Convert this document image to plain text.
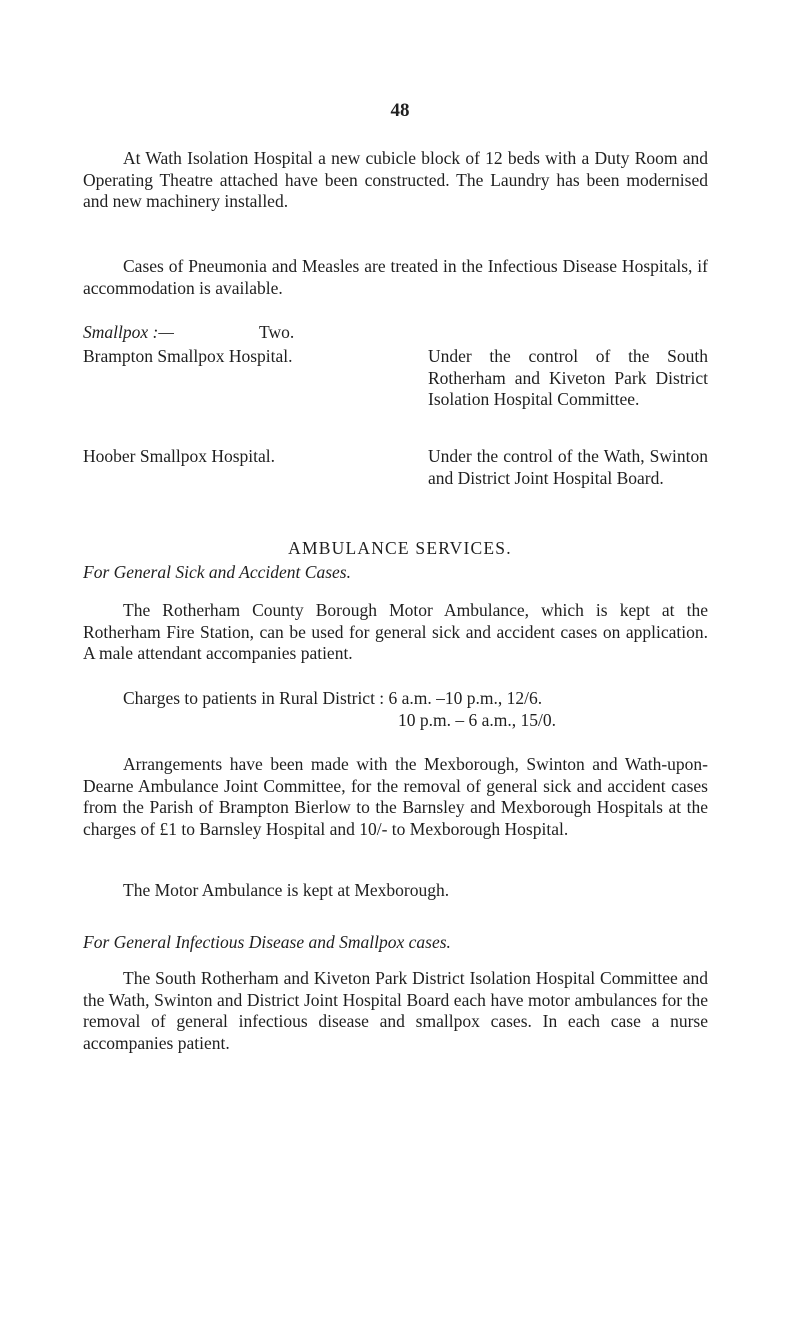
48
At Wath Isolation Hospital a new cubicle block of 12 beds with a Duty Room and Operating Theatre attached have been constructed. The Laundry has been modernised and new machinery installed.
Cases of Pneumonia and Measles are treated in the Infectious Disease Hospitals, if accommodation is available.
Smallpox :—	Two.
Brampton Smallpox Hospital.	Under the control of the South Rotherham and Kiveton Park District Isolation Hospital Committee.
Hoober Smallpox Hospital.	Under the control of the Wath, Swinton and District Joint Hospital Board.
AMBULANCE SERVICES.
For General Sick and Accident Cases.
The Rotherham County Borough Motor Ambulance, which is kept at the Rotherham Fire Station, can be used for general sick and accident cases on application. A male attendant accompanies patient.
Charges to patients in Rural District : 6 a.m. –10 p.m., 12/6.
10 p.m. – 6 a.m., 15/0.
Arrangements have been made with the Mexborough, Swinton and Wath-upon-Dearne Ambulance Joint Committee, for the removal of general sick and accident cases from the Parish of Brampton Bierlow to the Barnsley and Mexborough Hospitals at the charges of £1 to Barnsley Hospital and 10/- to Mexborough Hospital.
The Motor Ambulance is kept at Mexborough.
For General Infectious Disease and Smallpox cases.
The South Rotherham and Kiveton Park District Isolation Hospital Committee and the Wath, Swinton and District Joint Hospital Board each have motor ambulances for the removal of general infectious disease and smallpox cases. In each case a nurse accompanies patient.
